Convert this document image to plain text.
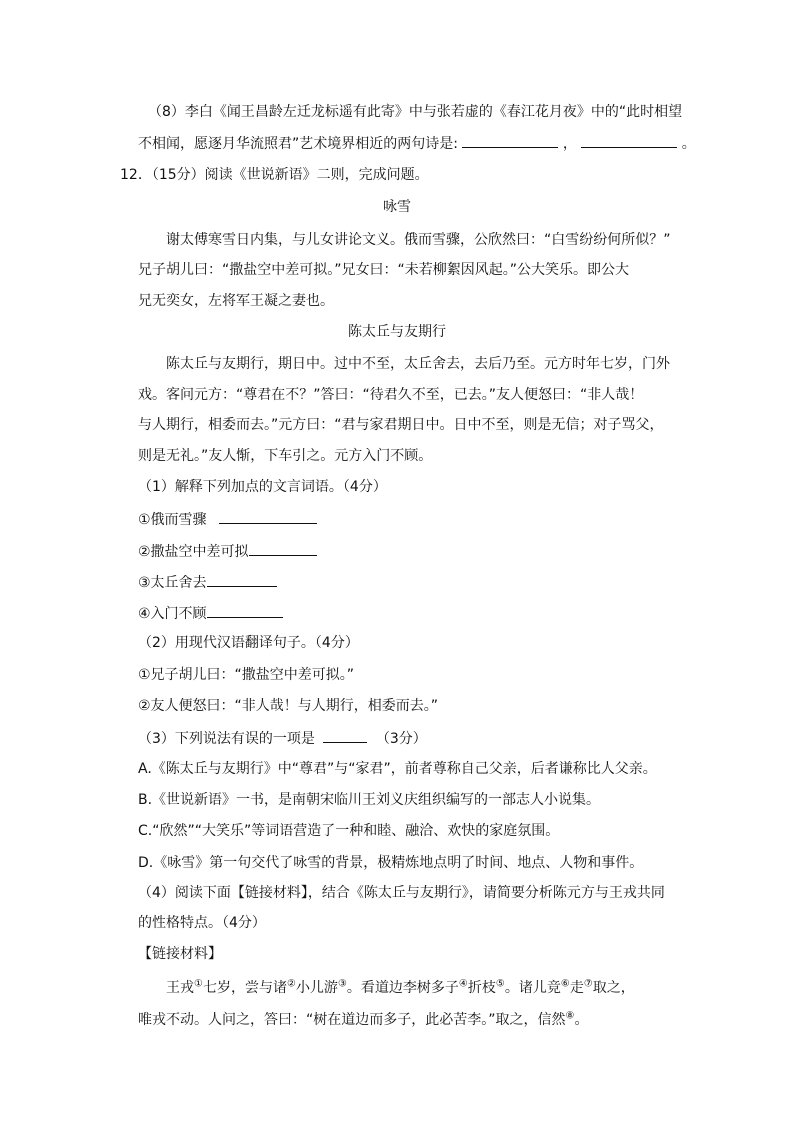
（8）李白《闻王昌龄左迁龙标遥有此寄》中与张若虚的《春江花月夜》中的“此时相望
不相闻，愿逐月华流照君”艺术境界相近的两句诗是:	，	。
12．（15分）阅读《世说新语》二则，完成问题。
咏雪
谢太傅寒雪日内集，与儿女讲论文义。俄而雪骤，公欣然曰：“白雪纷纷何所似？”
兄子胡儿曰：“撒盐空中差可拟。”兄女曰：“未若柳絮因风起。”公大笑乐。即公大
兄无奕女，左将军王凝之妻也。
陈太丘与友期行
陈太丘与友期行，期日中。过中不至，太丘舍去，去后乃至。元方时年七岁，门外
戏。客问元方：“尊君在不？”答曰：“待君久不至，已去。”友人便怒曰：“非人哉！
与人期行，相委而去。”元方曰：“君与家君期日中。日中不至，则是无信；对子骂父，
则是无礼。”友人惭，下车引之。元方入门不顾。
（1）解释下列加点的文言词语。（4分）
①俄而雪骤
②撒盐空中差可拟
③太丘舍去
④入门不顾
（2）用现代汉语翻译句子。（4分）
①兄子胡儿曰：“撒盐空中差可拟。”
②友人便怒曰：“非人哉！与人期行，相委而去。”
（3）下列说法有误的一项是	（3分）
A.《陈太丘与友期行》中“尊君”与“家君”，前者尊称自己父亲，后者谦称比人父亲。
B.《世说新语》一书，是南朝宋临川王刘义庆组织编写的一部志人小说集。
C.“欣然”“大笑乐”等词语营造了一种和睦、融洽、欢快的家庭氛围。
D.《咏雪》第一句交代了咏雪的背景，极精炼地点明了时间、地点、人物和事件。
（4）阅读下面【链接材料】，结合《陈太丘与友期行》，请简要分析陈元方与王戎共同
的性格特点。（4分）
【链接材料】
王戎①七岁，尝与诸②小儿游③。看道边李树多子④折枝⑤。诸儿竞⑥走⑦取之，
唯戎不动。人问之，答曰：“树在道边而多子，此必苦李。”取之，信然⑧。
